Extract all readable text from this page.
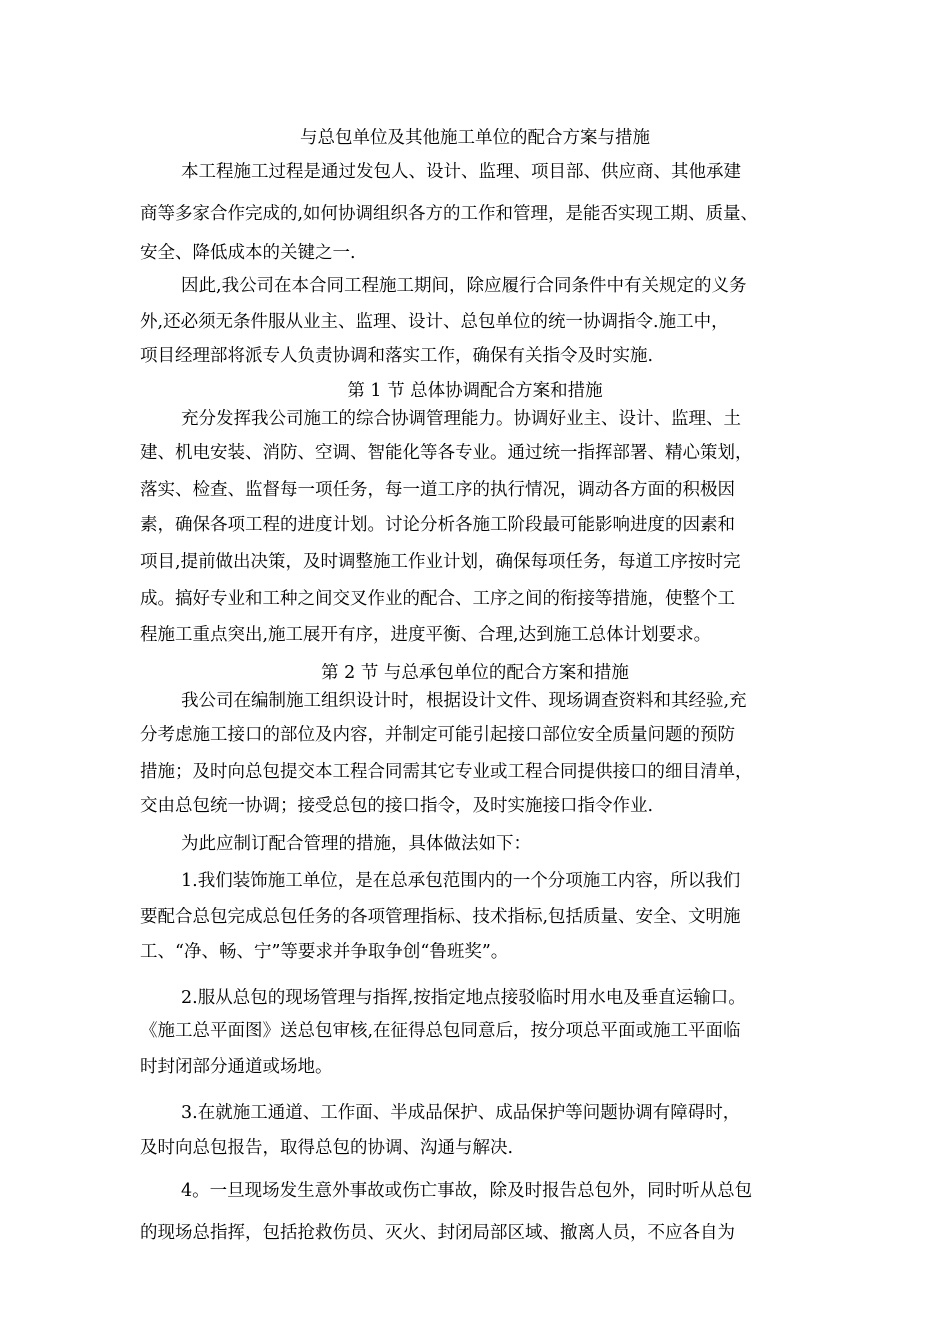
与总包单位及其他施工单位的配合方案与措施
本工程施工过程是通过发包人、设计、监理、项目部、供应商、其他承建
商等多家合作完成的,如何协调组织各方的工作和管理，是能否实现工期、质量、
安全、降低成本的关键之一.
因此,我公司在本合同工程施工期间，除应履行合同条件中有关规定的义务
外,还必须无条件服从业主、监理、设计、总包单位的统一协调指令.施工中，
项目经理部将派专人负责协调和落实工作，确保有关指令及时实施.
第 1 节 总体协调配合方案和措施
充分发挥我公司施工的综合协调管理能力。协调好业主、设计、监理、土
建、机电安装、消防、空调、智能化等各专业。通过统一指挥部署、精心策划，
落实、检查、监督每一项任务，每一道工序的执行情况，调动各方面的积极因
素，确保各项工程的进度计划。讨论分析各施工阶段最可能影响进度的因素和
项目,提前做出决策，及时调整施工作业计划，确保每项任务，每道工序按时完
成。搞好专业和工种之间交叉作业的配合、工序之间的衔接等措施，使整个工
程施工重点突出,施工展开有序，进度平衡、合理,达到施工总体计划要求。
第 2 节 与总承包单位的配合方案和措施
我公司在编制施工组织设计时，根据设计文件、现场调查资料和其经验,充
分考虑施工接口的部位及内容，并制定可能引起接口部位安全质量问题的预防
措施；及时向总包提交本工程合同需其它专业或工程合同提供接口的细目清单，
交由总包统一协调；接受总包的接口指令，及时实施接口指令作业.
为此应制订配合管理的措施，具体做法如下：
1.我们装饰施工单位，是在总承包范围内的一个分项施工内容，所以我们
要配合总包完成总包任务的各项管理指标、技术指标,包括质量、安全、文明施
工、“净、畅、宁”等要求并争取争创“鲁班奖”。
2.服从总包的现场管理与指挥,按指定地点接驳临时用水电及垂直运输口。
《施工总平面图》送总包审核,在征得总包同意后，按分项总平面或施工平面临
时封闭部分通道或场地。
3.在就施工通道、工作面、半成品保护、成品保护等问题协调有障碍时，
及时向总包报告，取得总包的协调、沟通与解决.
4。一旦现场发生意外事故或伤亡事故，除及时报告总包外，同时听从总包
的现场总指挥，包括抢救伤员、灭火、封闭局部区域、撤离人员，不应各自为
